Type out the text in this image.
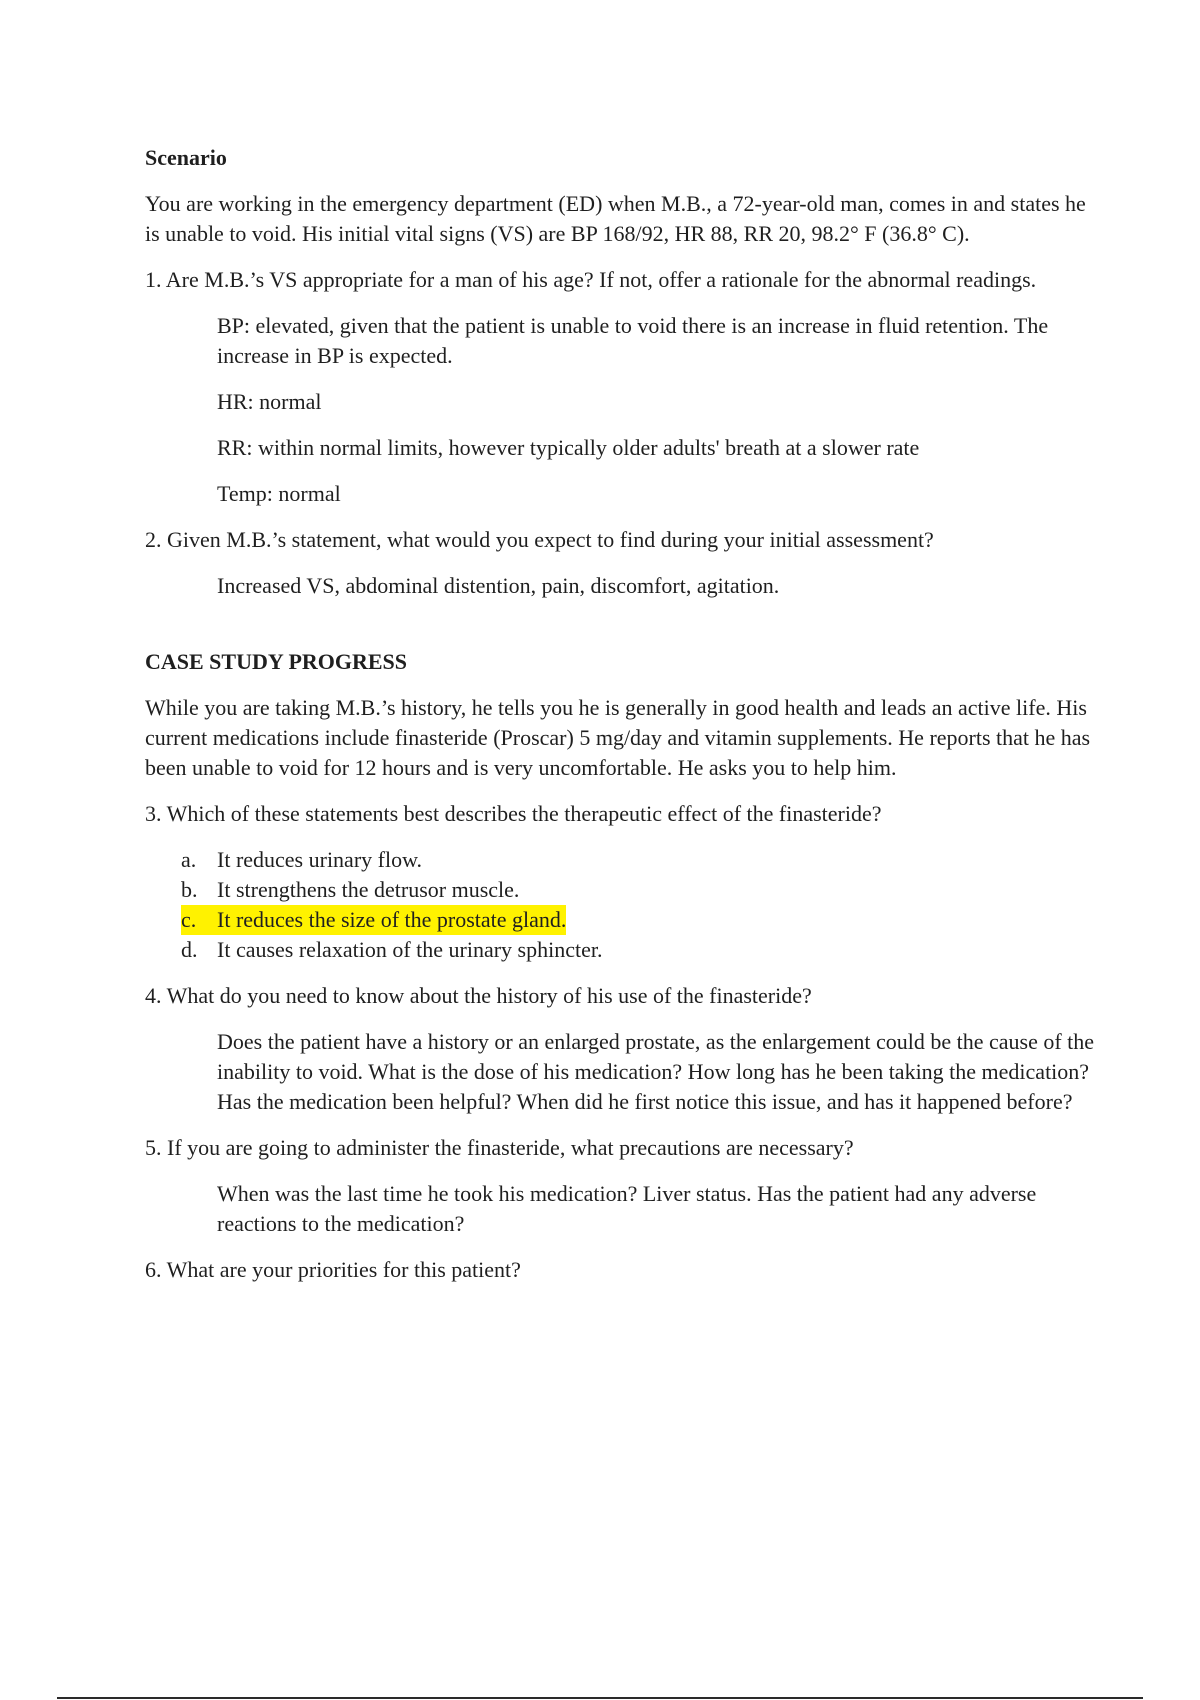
Scenario
You are working in the emergency department (ED) when M.B., a 72-year-old man, comes in and states he is unable to void. His initial vital signs (VS) are BP 168/92, HR 88, RR 20, 98.2° F (36.8° C).
1. Are M.B.’s VS appropriate for a man of his age? If not, offer a rationale for the abnormal readings.
BP: elevated, given that the patient is unable to void there is an increase in fluid retention. The increase in BP is expected.
HR: normal
RR: within normal limits, however typically older adults' breath at a slower rate
Temp: normal
2. Given M.B.’s statement, what would you expect to find during your initial assessment?
Increased VS, abdominal distention, pain, discomfort, agitation.
CASE STUDY PROGRESS
While you are taking M.B.’s history, he tells you he is generally in good health and leads an active life. His current medications include finasteride (Proscar) 5 mg/day and vitamin supplements. He reports that he has been unable to void for 12 hours and is very uncomfortable. He asks you to help him.
3. Which of these statements best describes the therapeutic effect of the finasteride?
a. It reduces urinary flow.
b. It strengthens the detrusor muscle.
c. It reduces the size of the prostate gland.
d. It causes relaxation of the urinary sphincter.
4. What do you need to know about the history of his use of the finasteride?
Does the patient have a history or an enlarged prostate, as the enlargement could be the cause of the inability to void. What is the dose of his medication? How long has he been taking the medication? Has the medication been helpful? When did he first notice this issue, and has it happened before?
5. If you are going to administer the finasteride, what precautions are necessary?
When was the last time he took his medication? Liver status. Has the patient had any adverse reactions to the medication?
6. What are your priorities for this patient?
